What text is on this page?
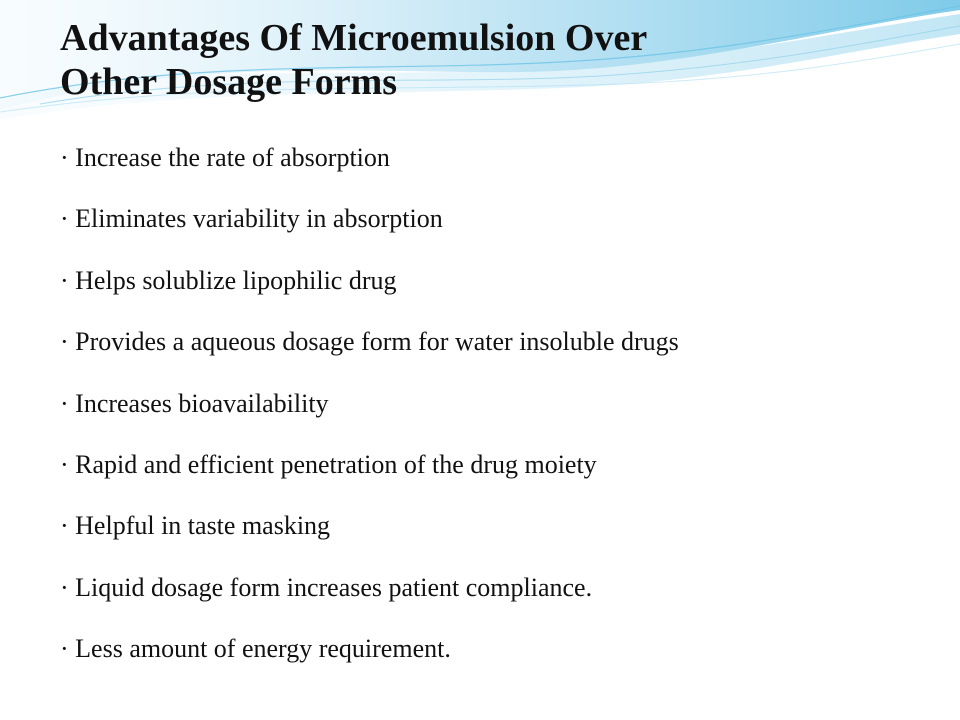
Advantages Of Microemulsion Over
Other Dosage Forms
· Increase the rate of absorption
· Eliminates variability in absorption
· Helps solublize lipophilic drug
· Provides a aqueous dosage form for water insoluble drugs
· Increases bioavailability
· Rapid and efficient penetration of the drug moiety
· Helpful in taste masking
· Liquid dosage form increases patient compliance.
· Less amount of energy requirement.
